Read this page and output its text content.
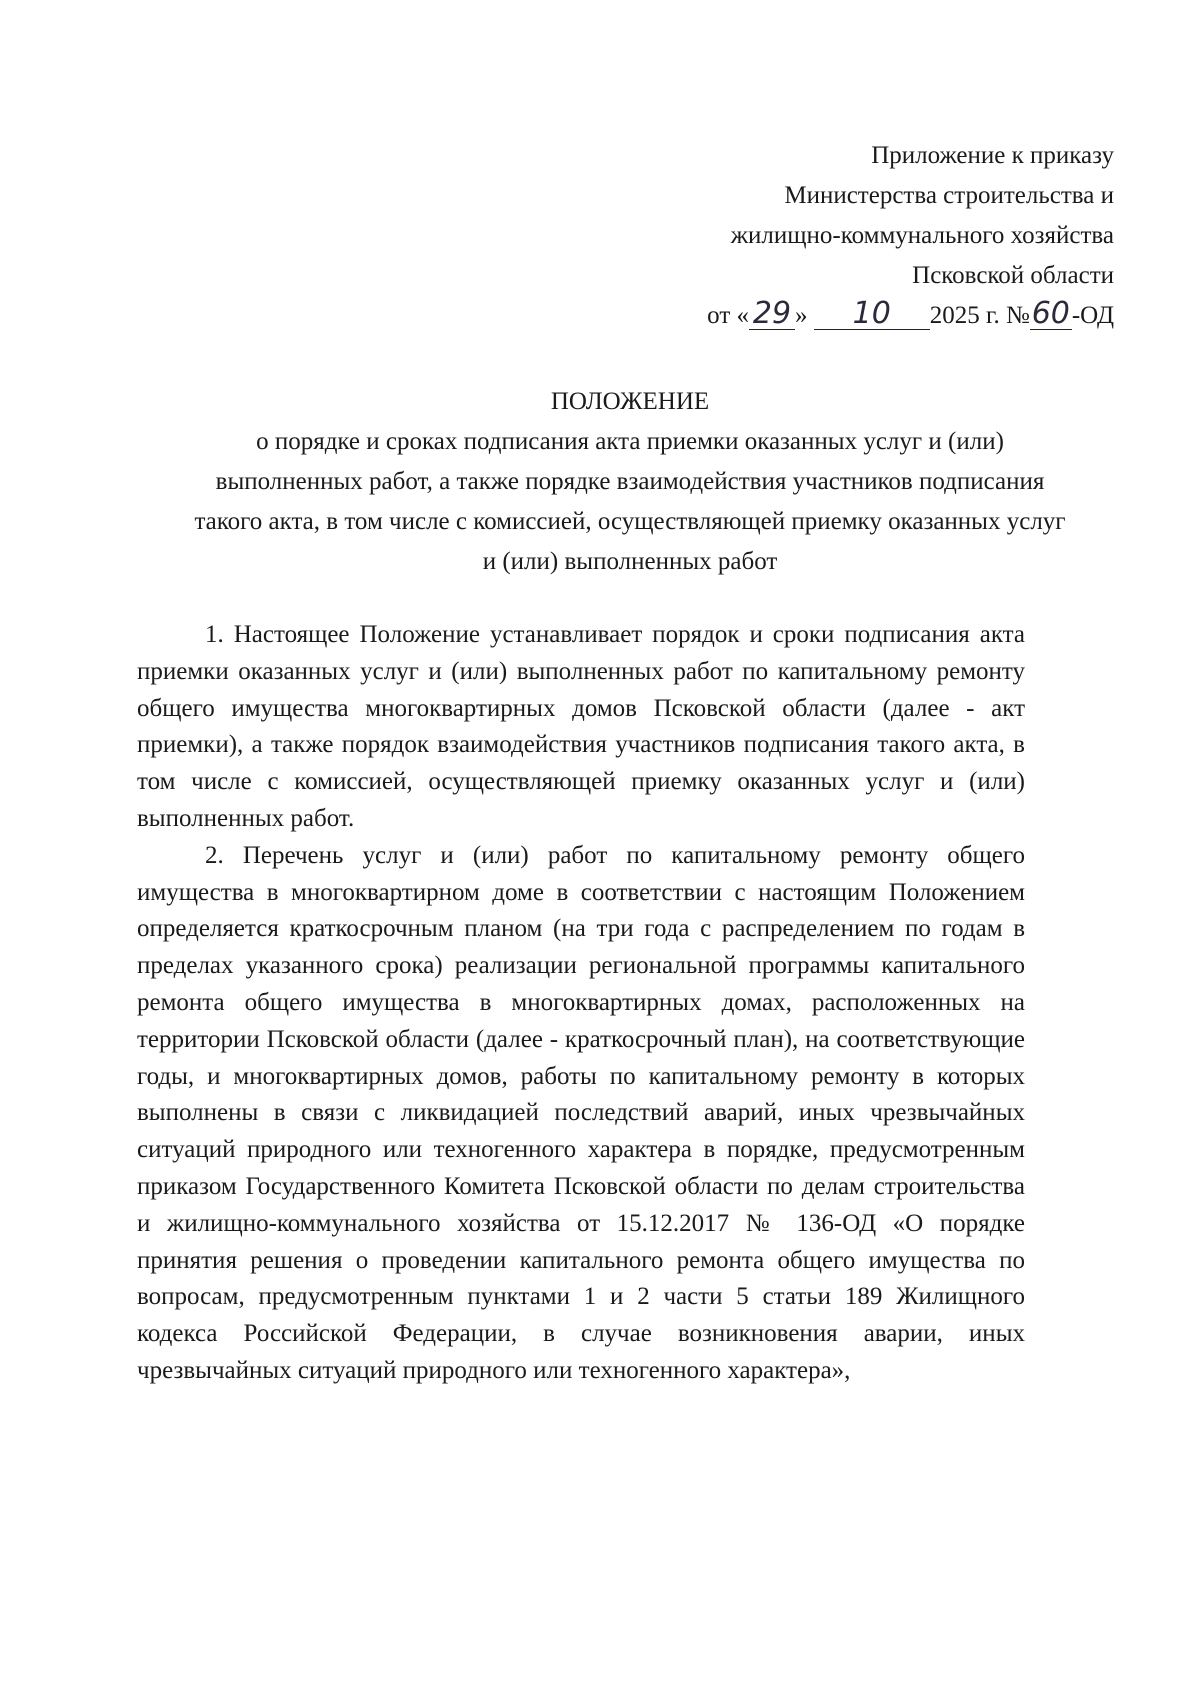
Приложение к приказу
Министерства строительства и
жилищно-коммунального хозяйства
Псковской области
от « 29 » 10 2025 г. №60-ОД
ПОЛОЖЕНИЕ
о порядке и сроках подписания акта приемки оказанных услуг и (или) выполненных работ, а также порядке взаимодействия участников подписания такого акта, в том числе с комиссией, осуществляющей приемку оказанных услуг и (или) выполненных работ

1. Настоящее Положение устанавливает порядок и сроки подписания акта приемки оказанных услуг и (или) выполненных работ по капитальному ремонту общего имущества многоквартирных домов Псковской области (далее - акт приемки), а также порядок взаимодействия участников подписания такого акта, в том числе с комиссией, осуществляющей приемку оказанных услуг и (или) выполненных работ.

2. Перечень услуг и (или) работ по капитальному ремонту общего имущества в многоквартирном доме в соответствии с настоящим Положением определяется краткосрочным планом (на три года с распределением по годам в пределах указанного срока) реализации региональной программы капитального ремонта общего имущества в многоквартирных домах, расположенных на территории Псковской области (далее - краткосрочный план), на соответствующие годы, и многоквартирных домов, работы по капитальному ремонту в которых выполнены в связи с ликвидацией последствий аварий, иных чрезвычайных ситуаций природного или техногенного характера в порядке, предусмотренным приказом Государственного Комитета Псковской области по делам строительства и жилищно-коммунального хозяйства от 15.12.2017 № 136-ОД «О порядке принятия решения о проведении капитального ремонта общего имущества по вопросам, предусмотренным пунктами 1 и 2 части 5 статьи 189 Жилищного кодекса Российской Федерации, в случае возникновения аварии, иных чрезвычайных ситуаций природного или техногенного характера»,
